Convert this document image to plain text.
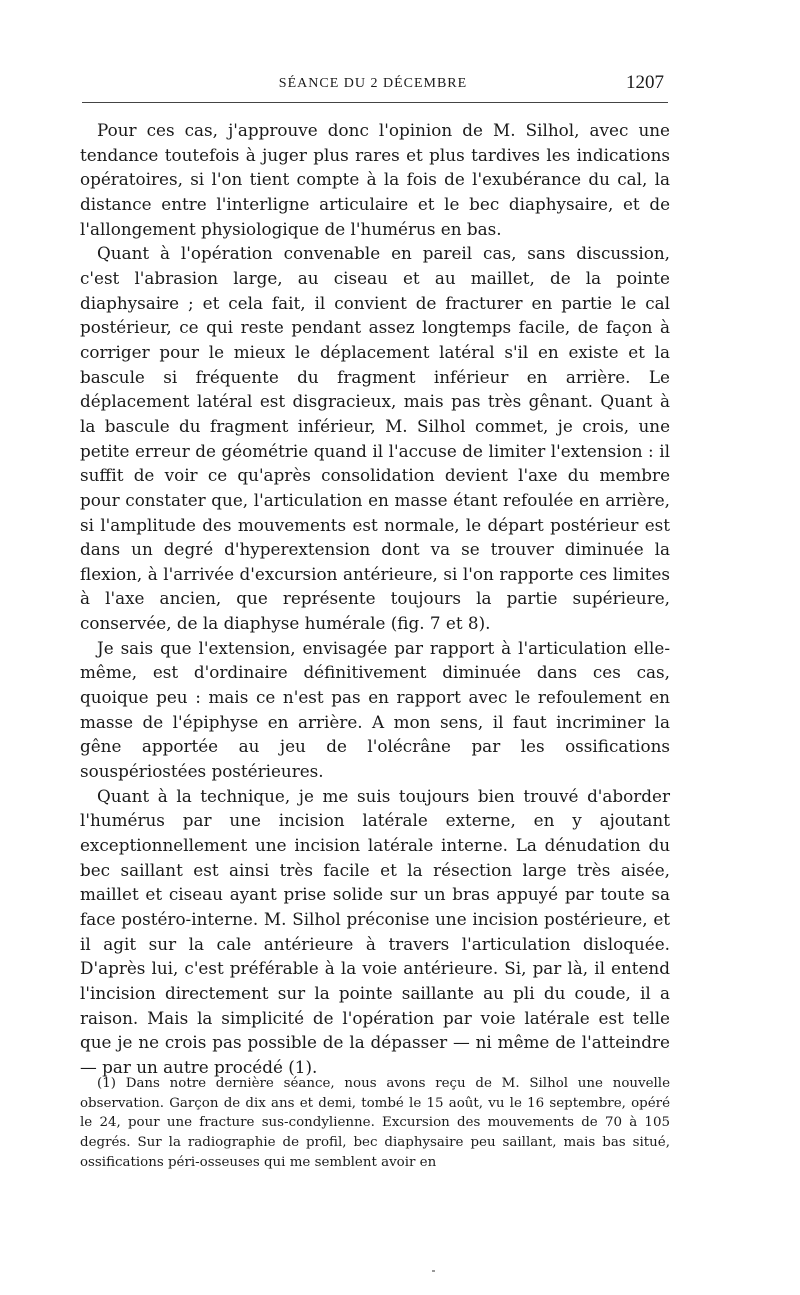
SÉANCE DU 2 DÉCEMBRE	1207

Pour ces cas, j'approuve donc l'opinion de M. Silhol, avec une tendance toutefois à juger plus rares et plus tardives les indications opératoires, si l'on tient compte à la fois de l'exubérance du cal, la distance entre l'interligne articulaire et le bec diaphysaire, et de l'allongement physiologique de l'humérus en bas.

Quant à l'opération convenable en pareil cas, sans discussion, c'est l'abrasion large, au ciseau et au maillet, de la pointe diaphysaire ; et cela fait, il convient de fracturer en partie le cal postérieur, ce qui reste pendant assez longtemps facile, de façon à corriger pour le mieux le déplacement latéral s'il en existe et la bascule si fréquente du fragment inférieur en arrière. Le déplacement latéral est disgracieux, mais pas très gênant. Quant à la bascule du fragment inférieur, M. Silhol commet, je crois, une petite erreur de géométrie quand il l'accuse de limiter l'extension : il suffit de voir ce qu'après consolidation devient l'axe du membre pour constater que, l'articulation en masse étant refoulée en arrière, si l'amplitude des mouvements est normale, le départ postérieur est dans un degré d'hyperextension dont va se trouver diminuée la flexion, à l'arrivée d'excursion antérieure, si l'on rapporte ces limites à l'axe ancien, que représente toujours la partie supérieure, conservée, de la diaphyse humérale (fig. 7 et 8).

Je sais que l'extension, envisagée par rapport à l'articulation elle-même, est d'ordinaire définitivement diminuée dans ces cas, quoique peu : mais ce n'est pas en rapport avec le refoulement en masse de l'épiphyse en arrière. A mon sens, il faut incriminer la gêne apportée au jeu de l'olécrâne par les ossifications souspériostées postérieures.

Quant à la technique, je me suis toujours bien trouvé d'aborder l'humérus par une incision latérale externe, en y ajoutant exceptionnellement une incision latérale interne. La dénudation du bec saillant est ainsi très facile et la résection large très aisée, maillet et ciseau ayant prise solide sur un bras appuyé par toute sa face postéro-interne. M. Silhol préconise une incision postérieure, et il agit sur la cale antérieure à travers l'articulation disloquée. D'après lui, c'est préférable à la voie antérieure. Si, par là, il entend l'incision directement sur la pointe saillante au pli du coude, il a raison. Mais la simplicité de l'opération par voie latérale est telle que je ne crois pas possible de la dépasser — ni même de l'atteindre — par un autre procédé (1).

(1) Dans notre dernière séance, nous avons reçu de M. Silhol une nouvelle observation. Garçon de dix ans et demi, tombé le 15 août, vu le 16 septembre, opéré le 24, pour une fracture sus-condylienne. Excursion des mouvements de 70 à 105 degrés. Sur la radiographie de profil, bec diaphysaire peu saillant, mais bas situé, ossifications péri-osseuses qui me semblent avoir en
